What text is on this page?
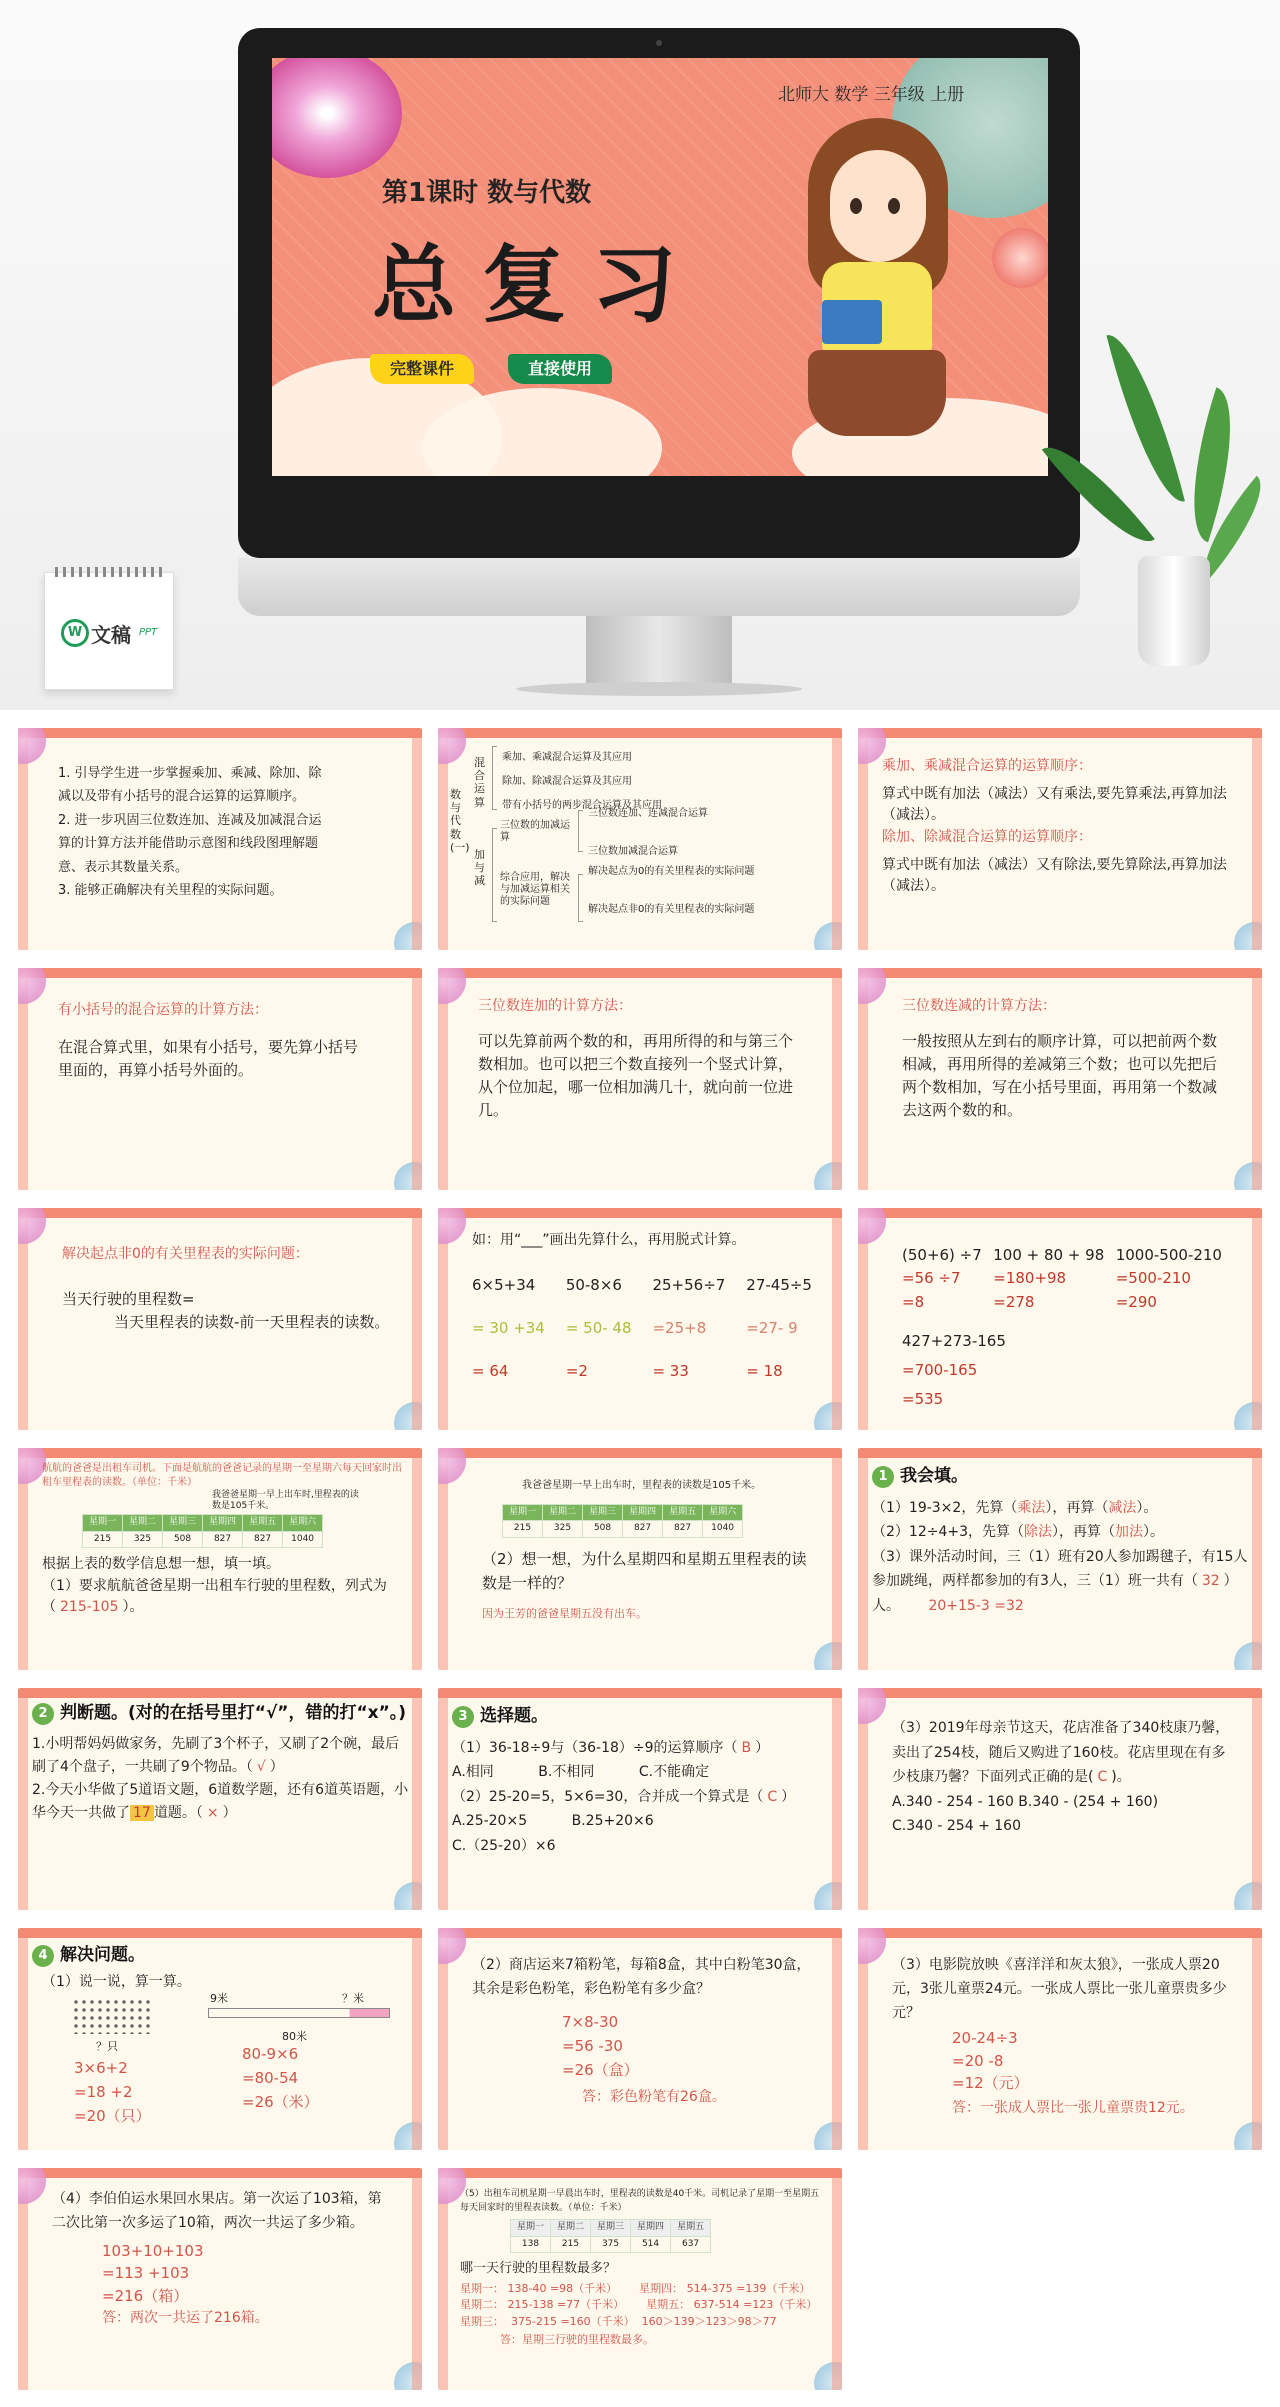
北师大 数学 三年级 上册
第1课时 数与代数
总复习
完整课件	直接使用
W 文稿 PPT
1. 引导学生进一步掌握乘加、乘减、除加、除
减以及带有小括号的混合运算的运算顺序。
2. 进一步巩固三位数连加、连减及加减混合运
算的计算方法并能借助示意图和线段图理解题
意、表示其数量关系。
3. 能够正确解决有关里程的实际问题。
数与代数(一)
混合运算
乘加、乘减混合运算及其应用
除加、除减混合运算及其应用
带有小括号的两步混合运算及其应用
加与减
三位数的加减运算
三位数连加、连减混合运算
三位数加减混合运算
综合应用，解决与加减运算相关的实际问题
解决起点为0的有关里程表的实际问题
解决起点非0的有关里程表的实际问题
乘加、乘减混合运算的运算顺序：
算式中既有加法（减法）又有乘法,要先算乘法,再算加法（减法）。
除加、除减混合运算的运算顺序：
算式中既有加法（减法）又有除法,要先算除法,再算加法（减法）。
有小括号的混合运算的计算方法：
在混合算式里，如果有小括号，要先算小括号里面的，再算小括号外面的。
三位数连加的计算方法：
可以先算前两个数的和，再用所得的和与第三个数相加。也可以把三个数直接列一个竖式计算，从个位加起，哪一位相加满几十，就向前一位进几。
三位数连减的计算方法：
一般按照从左到右的顺序计算，可以把前两个数相减，再用所得的差减第三个数；也可以先把后两个数相加，写在小括号里面，再用第一个数减去这两个数的和。
解决起点非0的有关里程表的实际问题：
当天行驶的里程数=
当天里程表的读数-前一天里程表的读数。
如：用“___”画出先算什么，再用脱式计算。
6×5+34
= 30 +34
= 64
50-8×6
= 50- 48
=2
25+56÷7
=25+8
= 33
27-45÷5
=27- 9
= 18
(50+6) ÷7
=56 ÷7
=8
100 + 80 + 98
=180+98
=278
1000-500-210
=500-210
=290
427+273-165
=700-165
=535
航航的爸爸是出租车司机。下面是航航的爸爸记录的星期一至星期六每天回家时出租车里程表的读数。（单位：千米）
我爸爸星期一早上出车时,里程表的读数是105千米。
星期一	星期二	星期三	星期四	星期五	星期六
215	325	508	827	827	1040
根据上表的数学信息想一想，填一填。
（1）要求航航爸爸星期一出租车行驶的里程数，列式为（ 215-105 ）。
我爸爸星期一早上出车时，里程表的读数是105千米。
星期一	星期二	星期三	星期四	星期五	星期六
215	325	508	827	827	1040
（2）想一想，为什么星期四和星期五里程表的读数是一样的？
因为王芳的爸爸星期五没有出车。
1 我会填。
（1）19-3×2，先算（乘法），再算（减法）。
（2）12÷4+3，先算（除法），再算（加法）。
（3）课外活动时间，三（1）班有20人参加踢毽子，有15人参加跳绳，两样都参加的有3人，三（1）班一共有（ 32 ）人。 20+15-3 =32
2 判断题。(对的在括号里打“√”，错的打“x”。)
1.小明帮妈妈做家务，先刷了3个杯子，又刷了2个碗，最后刷了4个盘子，一共刷了9个物品。（ √ ）
2.今天小华做了5道语文题，6道数学题，还有6道英语题，小华今天一共做了 17 道题。（ × ）
3 选择题。
（1）36-18÷9与（36-18）÷9的运算顺序（ B ）
A.相同          B.不相同          C.不能确定
（2）25-20=5，5×6=30，合并成一个算式是（ C ）
A.25-20×5          B.25+20×6
C.（25-20）×6
（3）2019年母亲节这天，花店准备了340枝康乃馨，卖出了254枝，随后又购进了160枝。花店里现在有多少枝康乃馨？下面列式正确的是( C )。
A.340 - 254 - 160 B.340 - (254 + 160)
C.340 - 254 + 160
4 解决问题。
（1）说一说，算一算。
？只
9米	？米
80米
3×6+2
=18 +2
=20（只）
80-9×6
=80-54
=26（米）
（2）商店运来7箱粉笔，每箱8盒，其中白粉笔30盒，其余是彩色粉笔，彩色粉笔有多少盒？
7×8-30
=56 -30
=26（盒）
答：彩色粉笔有26盒。
（3）电影院放映《喜洋洋和灰太狼》，一张成人票20元，3张儿童票24元。一张成人票比一张儿童票贵多少元？
20-24÷3
=20 -8
=12（元）
答：一张成人票比一张儿童票贵12元。
（4）李伯伯运水果回水果店。第一次运了103箱，第二次比第一次多运了10箱，两次一共运了多少箱。
103+10+103
=113 +103
=216（箱）
答：两次一共运了216箱。
（5）出租车司机星期一早晨出车时，里程表的读数是40千米。司机记录了星期一至星期五每天回家时的里程表读数。（单位：千米）
星期一	星期二	星期三	星期四	星期五
138	215	375	514	637
哪一天行驶的里程数最多？
星期一： 138-40 =98（千米） 星期四： 514-375 =139（千米）
星期二： 215-138 =77（千米） 星期五： 637-514 =123（千米）
星期三：  375-215 =160（千米）  160＞139＞123＞98＞77
答：星期三行驶的里程数最多。
